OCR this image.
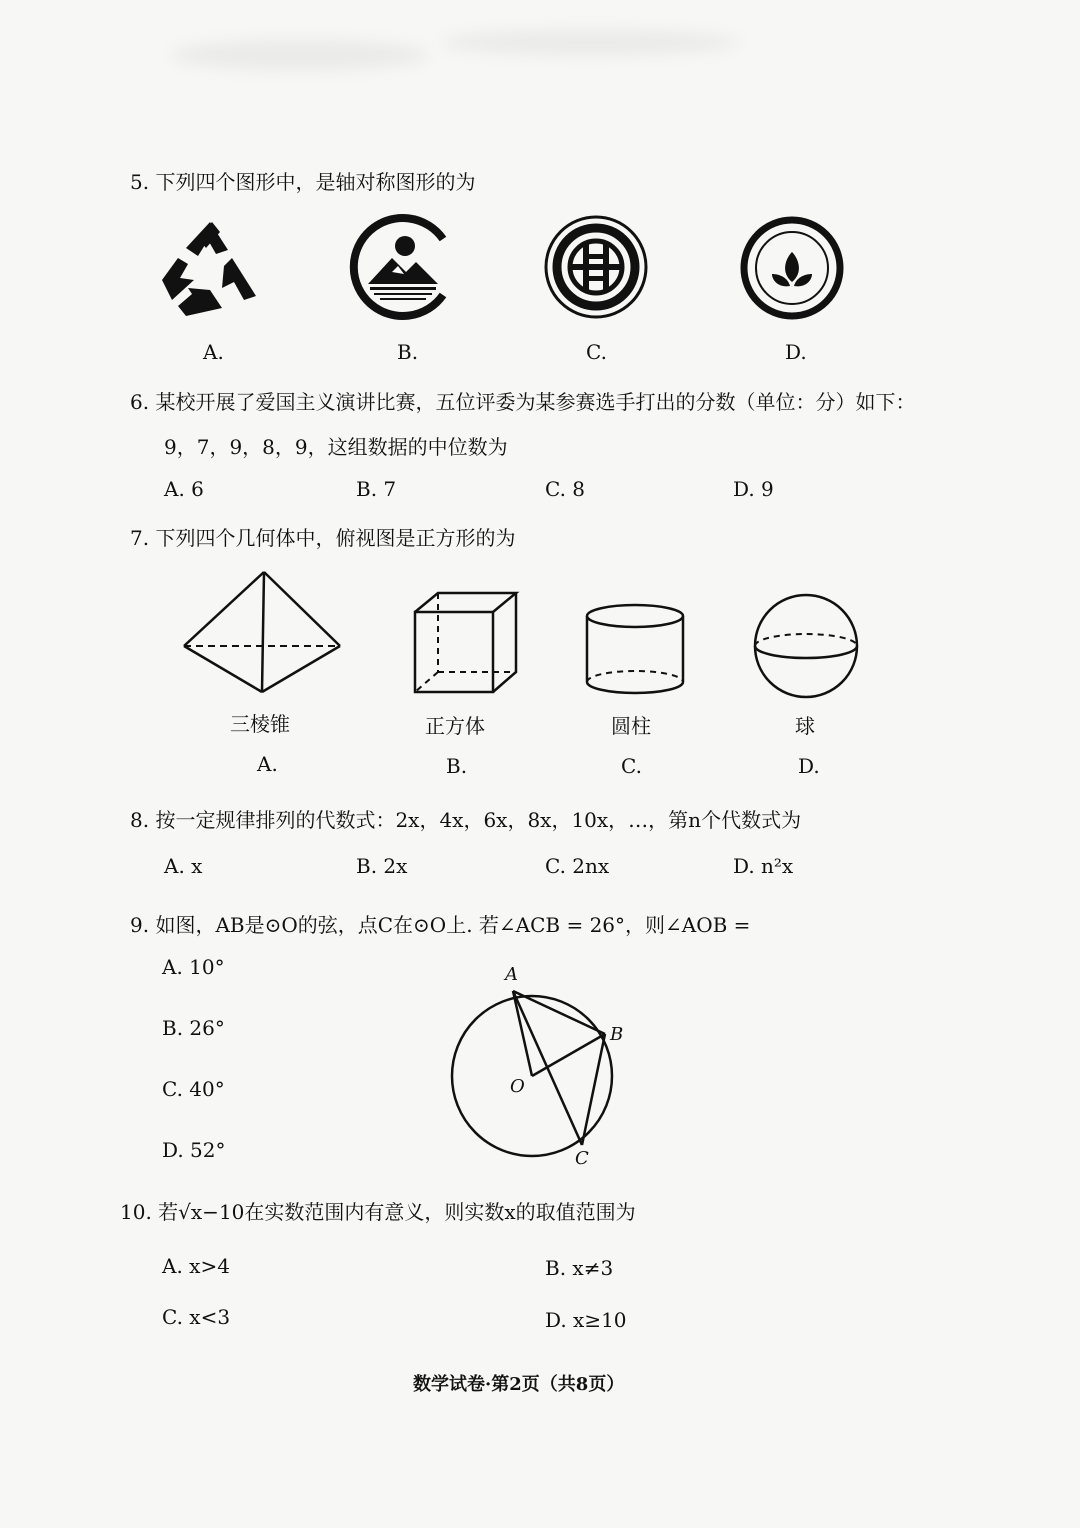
5. 下列四个图形中，是轴对称图形的为
A.	B.	C.	D.
6. 某校开展了爱国主义演讲比赛，五位评委为某参赛选手打出的分数（单位：分）如下：
9，7，9，8，9，这组数据的中位数为
A. 6	B. 7	C. 8	D. 9
7. 下列四个几何体中，俯视图是正方形的为
三棱锥	正方体	圆柱	球
A.	B.	C.	D.
8. 按一定规律排列的代数式：2x，4x，6x，8x，10x，…，第n个代数式为
A. x	B. 2x	C. 2nx	D. n²x
9. 如图，AB是⊙O的弦，点C在⊙O上. 若∠ACB = 26°，则∠AOB =
A. 10°
B. 26°
C. 40°
D. 52°
A
B
O
C
10. 若√x−10在实数范围内有意义，则实数x的取值范围为
A. x>4	B. x≠3
C. x<3	D. x≥10
数学试卷·第2页（共8页）
